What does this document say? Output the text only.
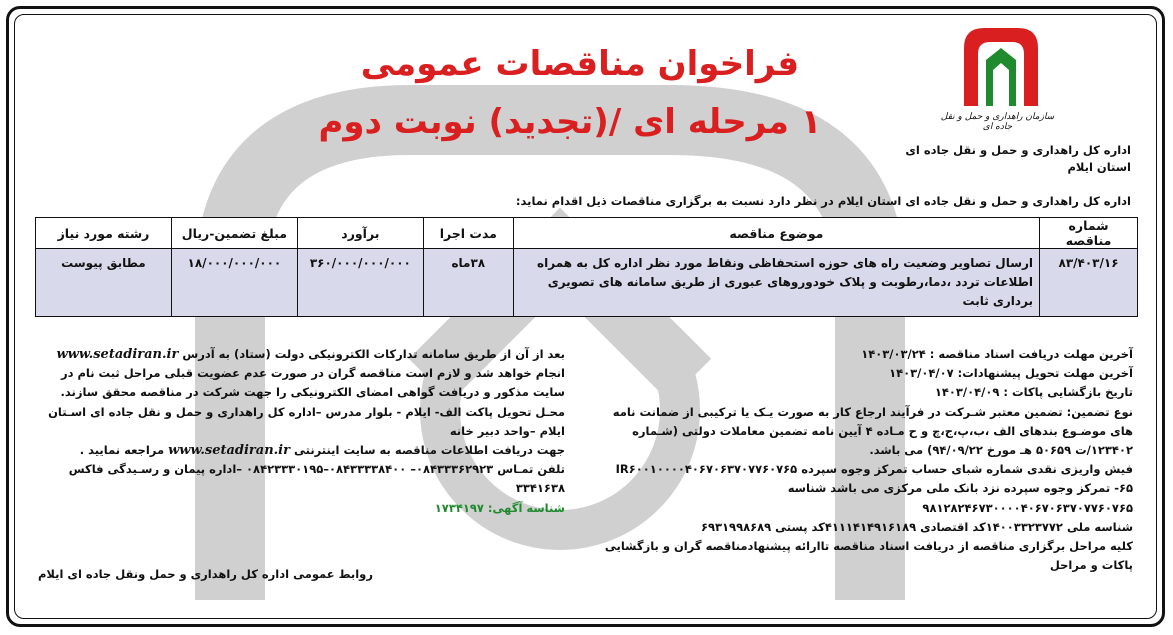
سازمان راهداری و حمل و نقل جاده ای
اداره کل راهداری و حمل و نقل جاده ای
استان ایلام
فراخوان مناقصات عمومی
۱ مرحله ای /(تجدید) نوبت دوم
اداره کل راهداری و حمل و نقل جاده ای استان ایلام در نظر دارد نسبت به برگزاری مناقصات ذیل اقدام نماید:
شماره مناقصه	موضوع مناقصه	مدت اجرا	برآورد	مبلغ تضمین-ریال	رشته مورد نیاز
۸۳/۴۰۳/۱۶	ارسال تصاویر وضعیت راه های حوزه استحفاظی ونقاط مورد نظر اداره کل به همراه اطلاعات تردد ،دما،رطوبت و پلاک خودوروهای عبوری از طریق سامانه های تصویری برداری ثابت	۳۸ماه	۳۶۰/۰۰۰/۰۰۰/۰۰۰	۱۸/۰۰۰/۰۰۰/۰۰۰	مطابق پیوست

آخرین مهلت دریافت اسناد مناقصه : ۱۴۰۳/۰۳/۲۴

آخرین مهلت تحویل پیشنهادات: ۱۴۰۳/۰۴/۰۷

تاریخ بازگشایی پاکات : ۱۴۰۳/۰۴/۰۹

نوع تضمین: تضمین معتبر شـرکت در فرآیند ارجاع کار به صورت یـک یا ترکیبی از ضمانت نامه های موضـوع بندهای الف ،ب،پ،ج،چ و ح مـاده ۴ آیین نامه تضمین معاملات دولتی (شـماره ۱۲۳۴۰۲/ت ۵۰۶۵۹ هـ مورخ ۹۴/۰۹/۲۲) می باشد.

فیش واریزی نقدی شماره شبای حساب تمرکز وجوه سپرده IR۶۰۰۱۰۰۰۰۴۰۶۷۰۶۳۷۰۷۷۶۰۷۶۵ -۶۵ تمرکز وجوه سپرده نزد بانک ملی مرکزی می باشد شناسه ۹۸۱۲۸۲۴۶۷۳۰۰۰۰۴۰۶۷۰۶۳۷۰۷۷۶۰۷۶۵

شناسه ملی ۱۴۰۰۳۳۲۳۷۷۲کد اقتصادی ۴۱۱۱۴۱۴۹۱۶۱۸۹کد پستی ۶۹۳۱۹۹۸۶۸۹

کلیه مراحل برگزاری مناقصه از دریافت اسناد مناقصه تاارائه پیشنهادمناقصه گران و بازگشایی پاکات و مراحل

بعد از آن از طریق سامانه تدارکات الکترونیکی دولت (ستاد) به آدرس www.setadiran.ir انجام خواهد شد و لازم است مناقصه گران در صورت عدم عضویت قبلی مراحل ثبت نام در سایت مذکور و دریافت گواهی امضای الکترونیکی را جهت شرکت در مناقصه محقق سازند.

محـل تحویل پاکت الف- ایلام - بلوار مدرس –اداره کل راهداری و حمل و نقل جاده ای اسـتان ایلام –واحد دبیر خانه

جهت دریافت اطلاعات مناقصه به سایت اینترنتی www.setadiran.ir مراجعه نمایید .

تلفن تمـاس ۰۸۴۳۳۳۶۲۹۲۳– ۰۸۴۳۳۳۳۸۴۰۰–۰۸۴۲۳۳۳۰۱۹۵ –اداره پیمان و رسـیدگی فاکس ۳۳۴۱۶۳۸

شناسه آگهی: ۱۷۳۴۱۹۷

روابط عمومی اداره کل راهداری و حمل ونقل جاده ای ایلام
